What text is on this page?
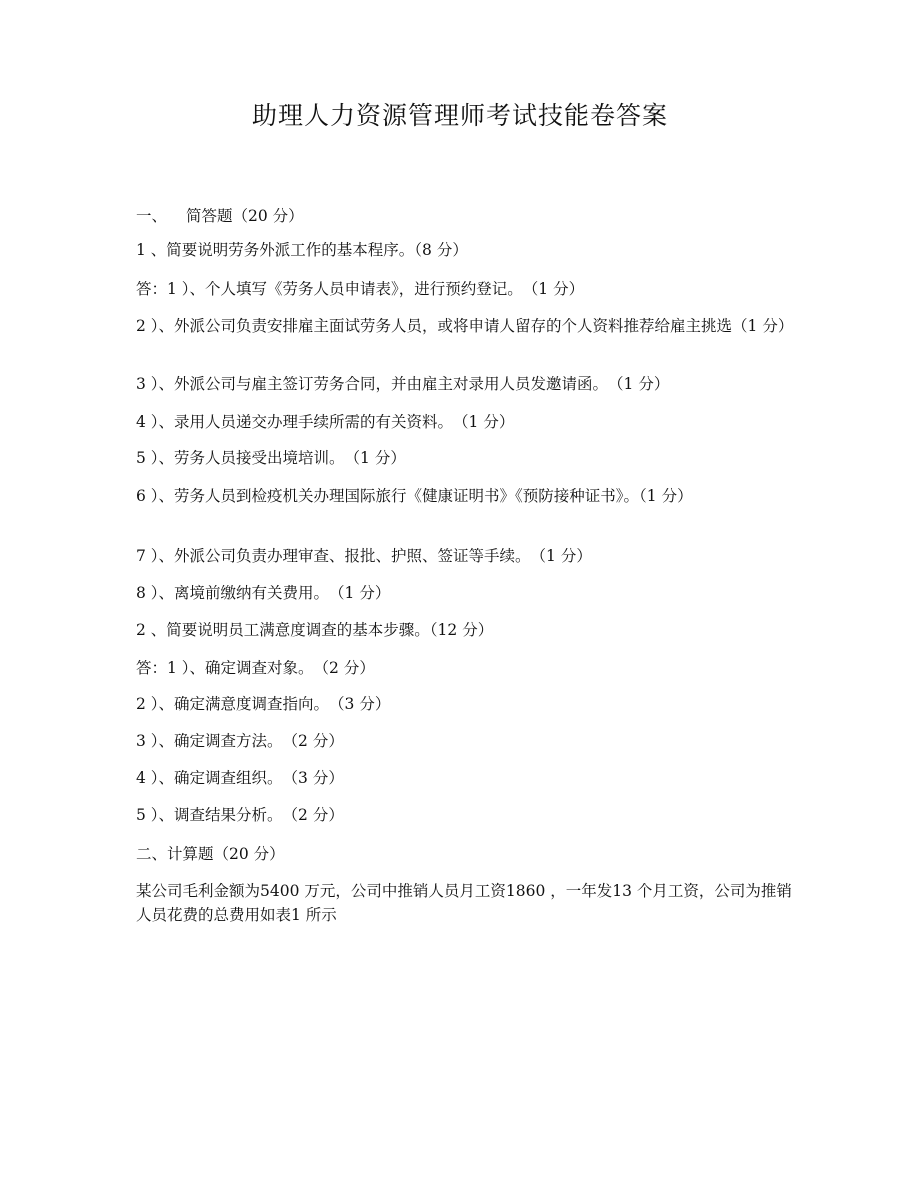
助理人力资源管理师考试技能卷答案
一、 简答题（20 分）
1 、简要说明劳务外派工作的基本程序。（8 分）
答：1 ）、个人填写《劳务人员申请表》，进行预约登记。　（1 分）
2 ）、外派公司负责安排雇主面试劳务人员，或将申请人留存的个人资料推荐给雇主挑选（1 分）
3 ）、外派公司与雇主签订劳务合同，并由雇主对录用人员发邀请函。　（1 分）
4 ）、录用人员递交办理手续所需的有关资料。　（1 分）
5 ）、劳务人员接受出境培训。　（1 分）
6 ）、劳务人员到检疫机关办理国际旅行《健康证明书》《预防接种证书》。（1 分）
7 ）、外派公司负责办理审查、报批、护照、签证等手续。　（1 分）
8 ）、离境前缴纳有关费用。　（1 分）
2 、简要说明员工满意度调查的基本步骤。（12 分）
答：1 ）、确定调查对象。　（2 分）
2 ）、确定满意度调查指向。　（3 分）
3 ）、确定调查方法。　（2 分）
4 ）、确定调查组织。　（3 分）
5 ）、调查结果分析。　（2 分）
二、计算题（20 分）
某公司毛利金额为5400 万元，公司中推销人员月工资1860 ，一年发13 个月工资，公司为推销人员花费的总费用如表1 所示
